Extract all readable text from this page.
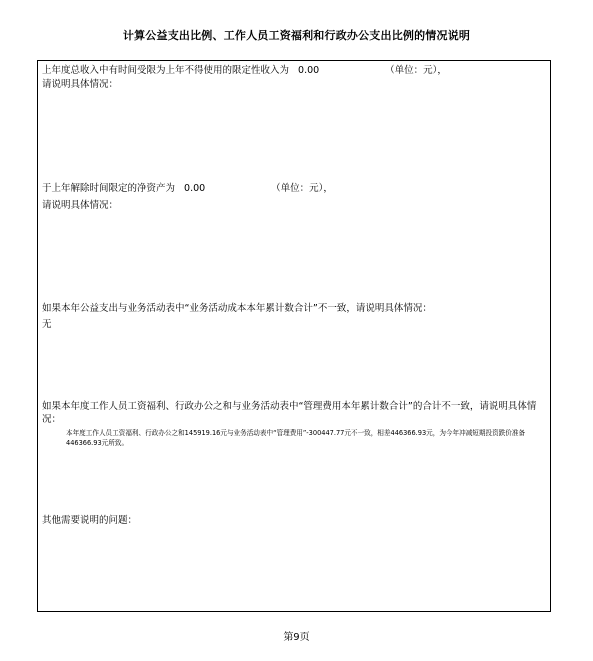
计算公益支出比例、工作人员工资福利和行政办公支出比例的情况说明
上年度总收入中有时间受限为上年不得使用的限定性收入为 0.00	（单位：元），
请说明具体情况：
于上年解除时间限定的净资产为 0.00	（单位：元），
请说明具体情况：
如果本年公益支出与业务活动表中“业务活动成本本年累计数合计”不一致，请说明具体情况：
无
如果本年度工作人员工资福利、行政办公之和与业务活动表中“管理费用本年累计数合计”的合计不一致，请说明具体情况：
本年度工作人员工资福利、行政办公之和145919.16元与业务活动表中“管理费用”-300447.77元不一致，相差446366.93元，为今年冲减短期投资跌价准备446366.93元所致。
其他需要说明的问题：
第9页
